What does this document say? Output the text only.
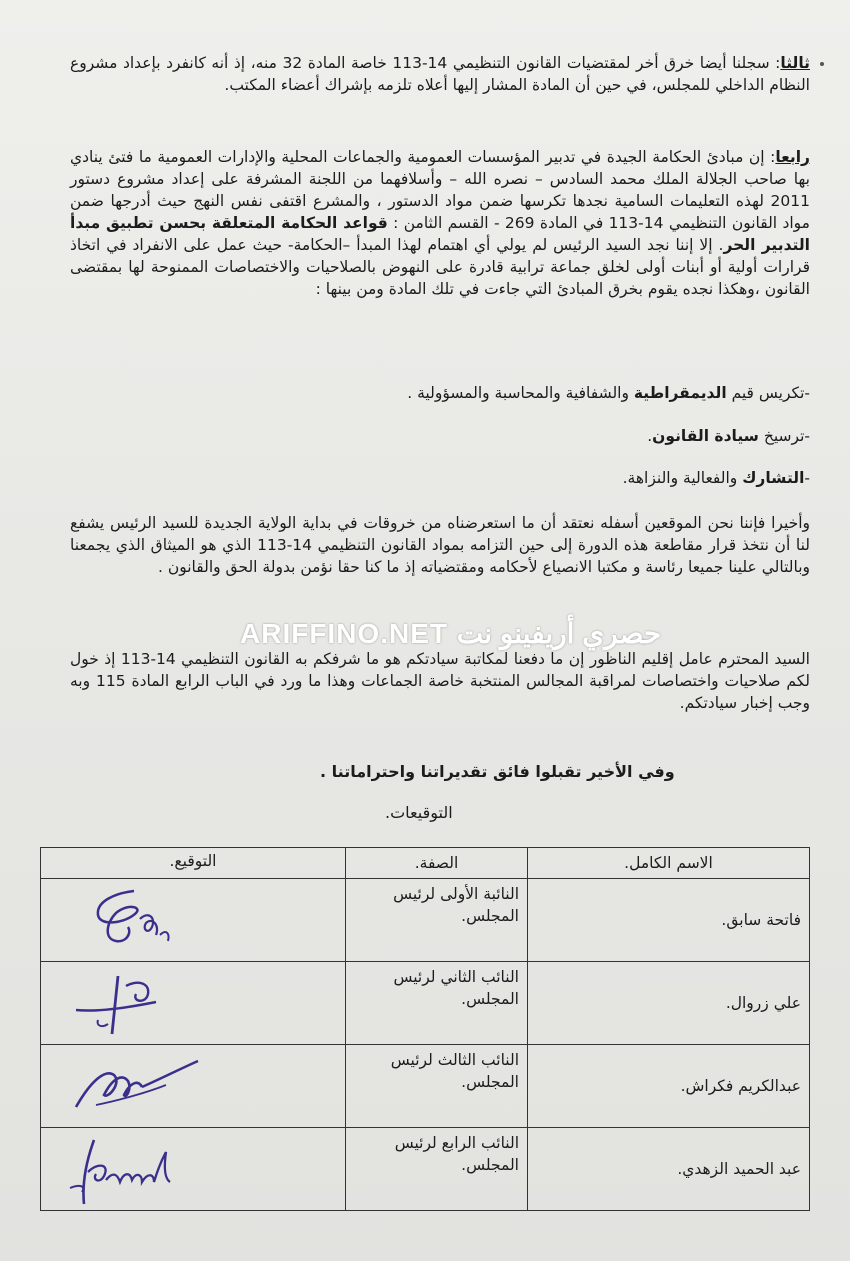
ثالثا: سجلنا أيضا خرق أخر لمقتضيات القانون التنظيمي 14-113 خاصة المادة 32 منه، إذ أنه كانفرد بإعداد مشروع النظام الداخلي للمجلس، في حين أن المادة المشار إليها أعلاه تلزمه بإشراك أعضاء المكتب.
رابعا: إن مبادئ الحكامة الجيدة في تدبير المؤسسات العمومية والجماعات المحلية والإدارات العمومية ما فتئ ينادي بها صاحب الجلالة الملك محمد السادس – نصره الله – وأسلافهما من اللجنة المشرفة على إعداد مشروع دستور 2011 لهذه التعليمات السامية نجدها تكرسها ضمن مواد الدستور ، والمشرع اقتفى نفس النهج حيث أدرجها ضمن مواد القانون التنظيمي 14-113 في المادة 269 - القسم الثامن : قواعد الحكامة المتعلقة بحسن تطبيق مبدأ التدبير الحر. إلا إننا نجد السيد الرئيس لم يولي أي اهتمام لهذا المبدأ –الحكامة- حيث عمل على الانفراد في اتخاذ قرارات أولية أو أبنات أولى لخلق جماعة ترابية قادرة على النهوض بالصلاحيات والاختصاصات الممنوحة لها بمقتضى القانون ،وهكذا نجده يقوم بخرق المبادئ التي جاءت في تلك المادة ومن بينها :
-تكريس قيم الديمقراطية والشفافية والمحاسبة والمسؤولية .
-ترسيخ سيادة القانون.
-التشارك والفعالية والنزاهة.
وأخيرا فإننا نحن الموقعين أسفله نعتقد أن ما استعرضناه من خروقات في بداية الولاية الجديدة للسيد الرئيس يشفع لنا أن نتخذ قرار مقاطعة هذه الدورة إلى حين التزامه بمواد القانون التنظيمي 14-113 الذي هو الميثاق الذي يجمعنا وبالتالي علينا جميعا رئاسة و مكتبا الانصياع لأحكامه ومقتضياته إذ ما كنا حقا نؤمن بدولة الحق والقانون .
ARIFFINO.NET حصري أريفينو نت
السيد المحترم عامل إقليم الناظور إن ما دفعنا لمكاتبة سيادتكم هو ما شرفكم به القانون التنظيمي 14-113 إذ خول لكم صلاحيات واختصاصات لمراقبة المجالس المنتخبة خاصة الجماعات وهذا ما ورد في الباب الرابع المادة 115 وبه وجب إخبار سيادتكم.
وفي الأخير تقبلوا فائق تقديراتنا واحتراماتنا .
التوقيعات.
الاسم الكامل.	الصفة.	التوقيع.
فاتحة سابق.	النائبة الأولى لرئيس المجلس.	

علي زروال.	النائب الثاني لرئيس المجلس.	

عبدالكريم فكراش.	النائب الثالث لرئيس المجلس.	

عبد الحميد الزهدي.	النائب الرابع لرئيس المجلس.	
